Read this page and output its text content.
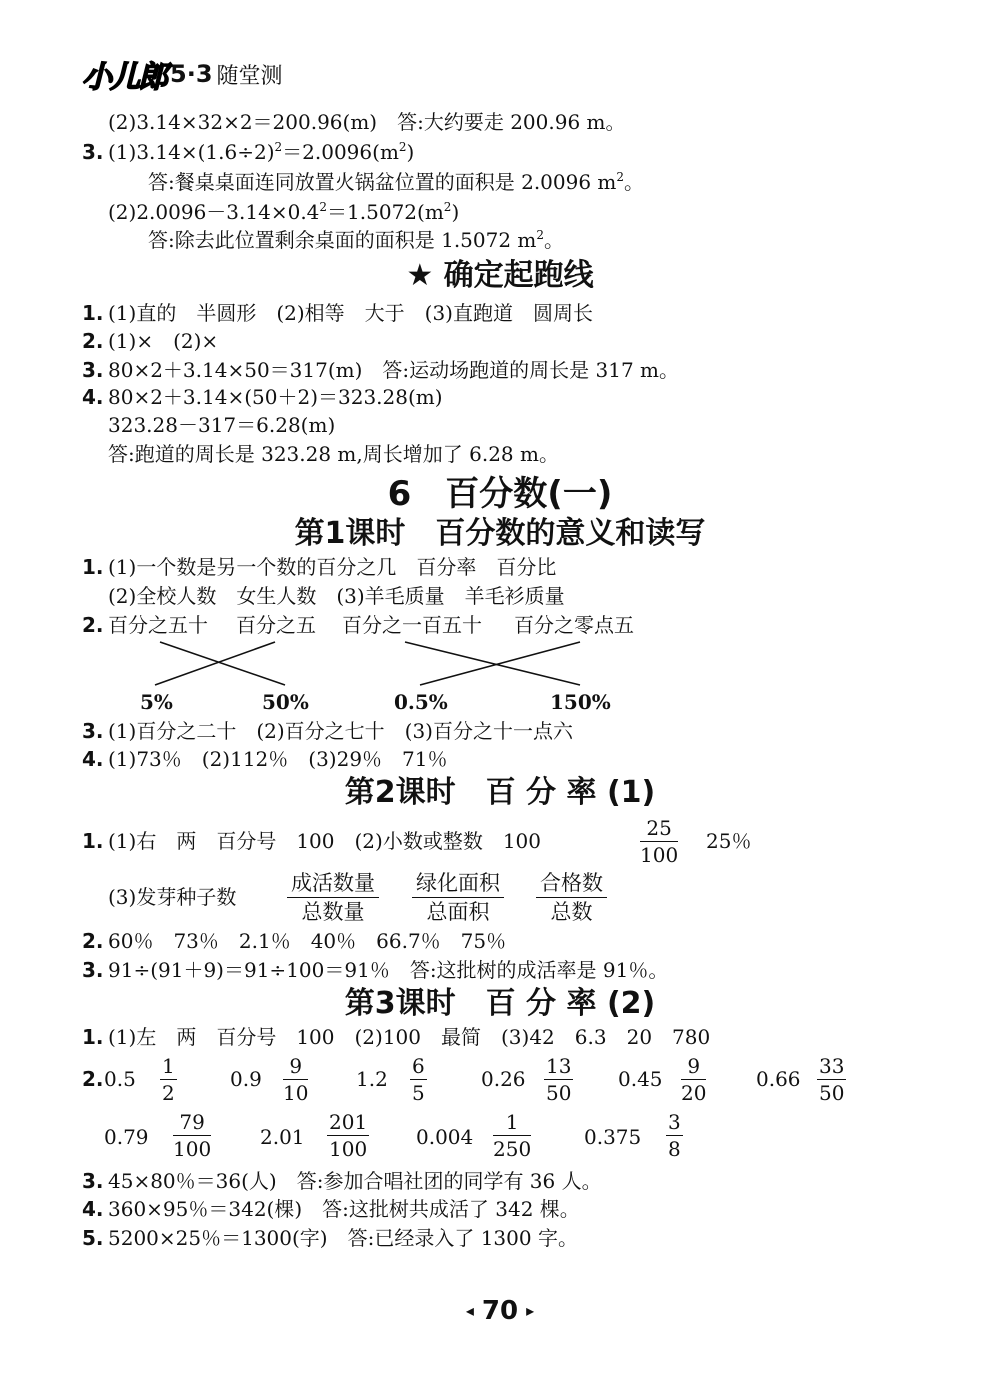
小儿郎 5·3 随堂测
(2)3.14×32×2＝200.96(m)　答:大约要走 200.96 m。
3. $(1)3.14\times(1.6\div 2)^2=2.0096(m^2)$
答:餐桌桌面连同放置火锅盆位置的面积是 2.0096 $m^2$。
$(2)2.0096-3.14\times 0.4^2=1.5072(m^2)$
答:除去此位置剩余桌面的面积是 1.5072 $m^2$。
★ 确定起跑线
1. (1)直的　半圆形　(2)相等　大于　(3)直跑道　圆周长
2. (1)×　(2)×
3. 80×2＋3.14×50＝317(m)　答:运动场跑道的周长是 317 m。
4. 80×2＋3.14×(50＋2)＝323.28(m)
323.28－317＝6.28(m)
答:跑道的周长是 323.28 m,周长增加了 6.28 m。
6　百分数(一)
第1课时　百分数的意义和读写
1. (1)一个数是另一个数的百分之几　百分率　百分比
(2)全校人数　女生人数　(3)羊毛质量　羊毛衫质量
2. 百分之五十 百分之五 百分之一百五十 百分之零点五
5%	50%	0.5%	150%
3. (1)百分之二十　(2)百分之七十　(3)百分之十一点六
4. (1)73％　(2)112％　(3)29％　71％
第2课时　百 分 率 (1)
1. (1)右　两　百分号　100　(2)小数或整数　100	$\frac{25}{100} 25$％
(3)发芽种子数
成活数量
总数量
绿化面积
总面积
合格数
总数
2. 60％　73％　2.1％　40％　66.7％　75％
3. 91÷(91＋9)＝91÷100＝91％　答:这批树的成活率是 91％。
第3课时　百 分 率 (2)
1. (1)左　两　百分号　100　(2)100　最简　(3)42　6.3　20　780
2. $0.5 \frac{1}{2}$	$0.9 \frac{9}{10} 1.2 \frac{6}{5}$	$0.26 \frac{13}{50} 0.45 \frac{9}{20} 0.66 \frac{33}{50}$
$0.79 \frac{79}{100} 2.01 \frac{201}{100} 0.004 \frac{1}{250}$	$0.375 \frac{3}{8}$
3. 45×80％＝36(人)　答:参加合唱社团的同学有 36 人。
4. 360×95％＝342(棵)　答:这批树共成活了 342 棵。
5. 5200×25％＝1300(字)　答:已经录入了 1300 字。
◂ 70 ▸
